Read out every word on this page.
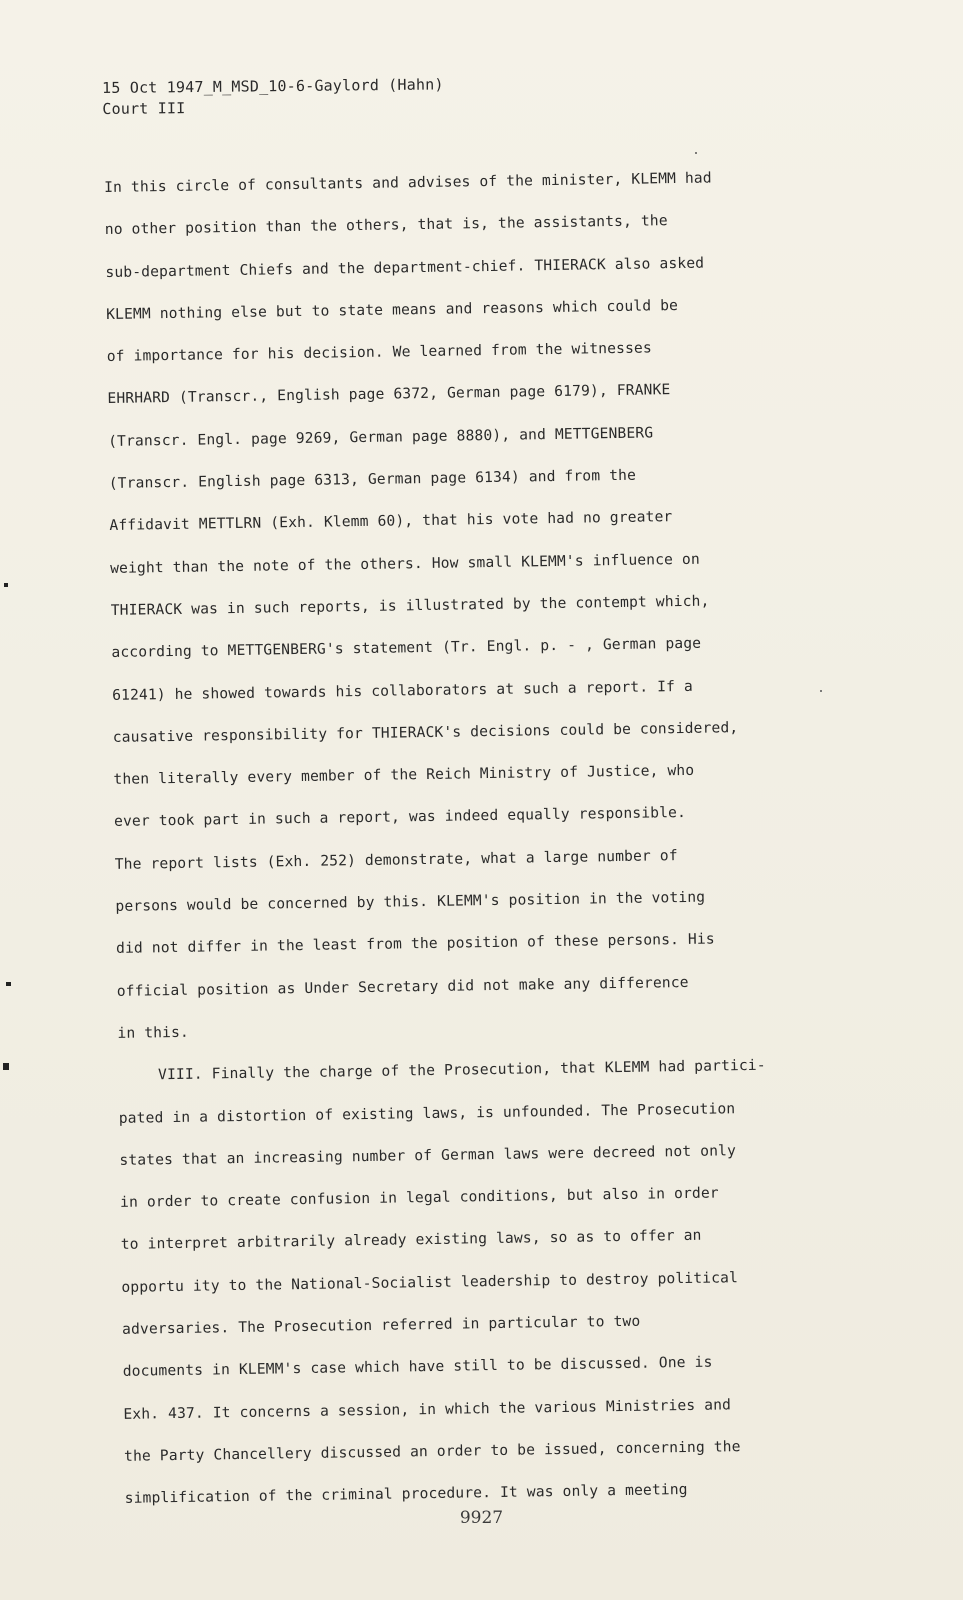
15 Oct 1947_M_MSD_10-6-Gaylord (Hahn)
Court III
In this circle of consultants and advises of the minister, KLEMM had
no other position than the others, that is, the assistants, the
sub-department Chiefs and the department-chief. THIERACK also asked
KLEMM nothing else but to state means and reasons which could be
of importance for his decision. We learned from the witnesses
EHRHARD (Transcr., English page 6372, German page 6179), FRANKE
(Transcr. Engl. page 9269, German page 8880), and METTGENBERG
(Transcr. English page 6313, German page 6134) and from the
Affidavit METTLRN (Exh. Klemm 60), that his vote had no greater
weight than the note of the others. How small KLEMM's influence on
THIERACK was in such reports, is illustrated by the contempt which,
according to METTGENBERG's statement (Tr. Engl. p. - , German page
61241) he showed towards his collaborators at such a report. If a
causative responsibility for THIERACK's decisions could be considered,
then literally every member of the Reich Ministry of Justice, who
ever took part in such a report, was indeed equally responsible.
The report lists (Exh. 252) demonstrate, what a large number of
persons would be concerned by this. KLEMM's position in the voting
did not differ in the least from the position of these persons. His
official position as Under Secretary did not make any difference
in this.
VIII. Finally the charge of the Prosecution, that KLEMM had partici-
pated in a distortion of existing laws, is unfounded. The Prosecution
states that an increasing number of German laws were decreed not only
in order to create confusion in legal conditions, but also in order
to interpret arbitrarily already existing laws, so as to offer an
opportu ity to the National-Socialist leadership to destroy political
adversaries. The Prosecution referred in particular to two
documents in KLEMM's case which have still to be discussed. One is
Exh. 437. It concerns a session, in which the various Ministries and
the Party Chancellery discussed an order to be issued, concerning the
simplification of the criminal procedure. It was only a meeting
9927
